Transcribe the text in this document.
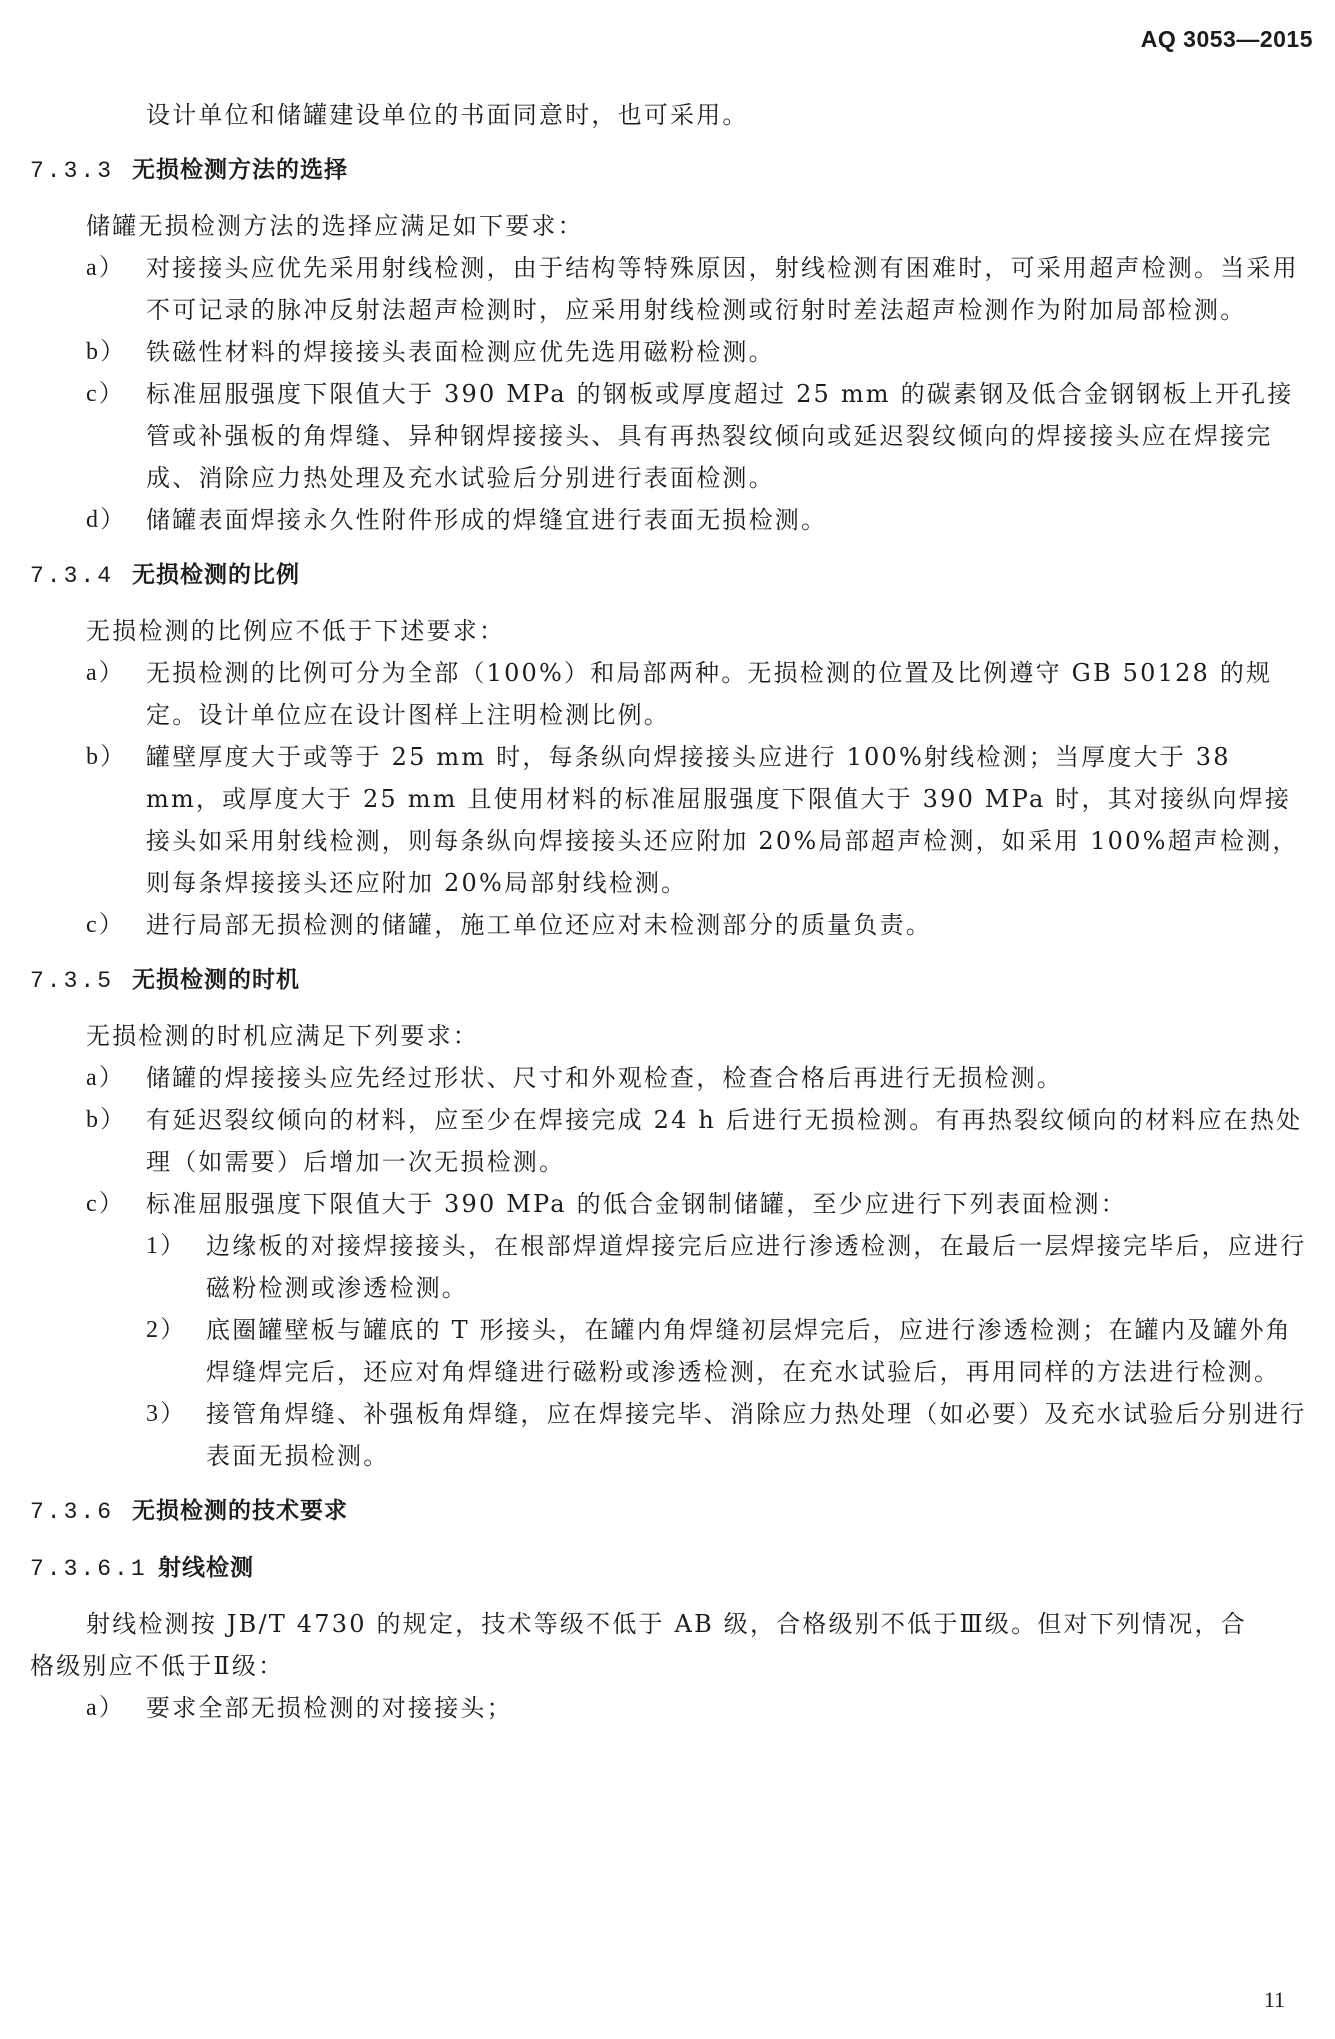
AQ 3053—2015
设计单位和储罐建设单位的书面同意时，也可采用。
7.3.3 无损检测方法的选择
储罐无损检测方法的选择应满足如下要求：
a） 对接接头应优先采用射线检测，由于结构等特殊原因，射线检测有困难时，可采用超声检测。当采用不可记录的脉冲反射法超声检测时，应采用射线检测或衍射时差法超声检测作为附加局部检测。
b） 铁磁性材料的焊接接头表面检测应优先选用磁粉检测。
c） 标准屈服强度下限值大于 390 MPa 的钢板或厚度超过 25 mm 的碳素钢及低合金钢钢板上开孔接管或补强板的角焊缝、异种钢焊接接头、具有再热裂纹倾向或延迟裂纹倾向的焊接接头应在焊接完成、消除应力热处理及充水试验后分别进行表面检测。
d） 储罐表面焊接永久性附件形成的焊缝宜进行表面无损检测。
7.3.4 无损检测的比例
无损检测的比例应不低于下述要求：
a） 无损检测的比例可分为全部（100%）和局部两种。无损检测的位置及比例遵守 GB 50128 的规定。设计单位应在设计图样上注明检测比例。
b） 罐壁厚度大于或等于 25 mm 时，每条纵向焊接接头应进行 100%射线检测；当厚度大于 38 mm，或厚度大于 25 mm 且使用材料的标准屈服强度下限值大于 390 MPa 时，其对接纵向焊接接头如采用射线检测，则每条纵向焊接接头还应附加 20%局部超声检测，如采用 100%超声检测，则每条焊接接头还应附加 20%局部射线检测。
c） 进行局部无损检测的储罐，施工单位还应对未检测部分的质量负责。
7.3.5 无损检测的时机
无损检测的时机应满足下列要求：
a） 储罐的焊接接头应先经过形状、尺寸和外观检查，检查合格后再进行无损检测。
b） 有延迟裂纹倾向的材料，应至少在焊接完成 24 h 后进行无损检测。有再热裂纹倾向的材料应在热处理（如需要）后增加一次无损检测。
c） 标准屈服强度下限值大于 390 MPa 的低合金钢制储罐，至少应进行下列表面检测：
1） 边缘板的对接焊接接头，在根部焊道焊接完后应进行渗透检测，在最后一层焊接完毕后，应进行磁粉检测或渗透检测。
2） 底圈罐壁板与罐底的 T 形接头，在罐内角焊缝初层焊完后，应进行渗透检测；在罐内及罐外角焊缝焊完后，还应对角焊缝进行磁粉或渗透检测，在充水试验后，再用同样的方法进行检测。
3） 接管角焊缝、补强板角焊缝，应在焊接完毕、消除应力热处理（如必要）及充水试验后分别进行表面无损检测。
7.3.6 无损检测的技术要求
7.3.6.1 射线检测
射线检测按 JB/T 4730 的规定，技术等级不低于 AB 级，合格级别不低于Ⅲ级。但对下列情况，合
格级别应不低于Ⅱ级：
a） 要求全部无损检测的对接接头；
11
